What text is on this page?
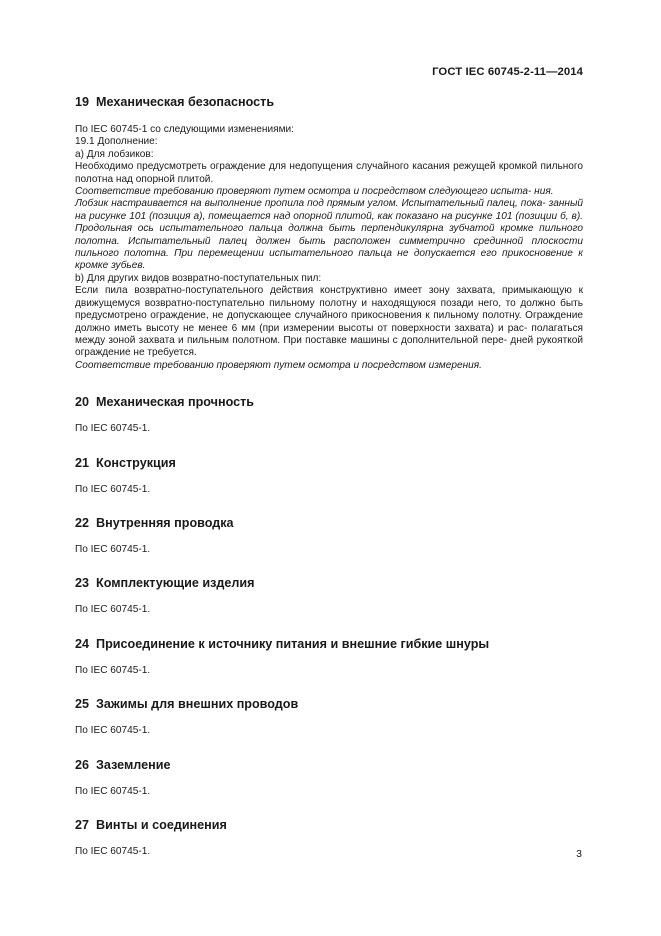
ГОСТ IEC 60745-2-11—2014
19 Механическая безопасность

По IEC 60745-1 со следующими изменениями:

19.1 Дополнение:

а) Для лобзиков:

Необходимо предусмотреть ограждение для недопущения случайного касания режущей кромкой пильного полотна над опорной плитой.

Соответствие требованию проверяют путем осмотра и посредством следующего испыта- ния.

Лобзик настраивается на выполнение пропила под прямым углом. Испытательный палец, пока- занный на рисунке 101 (позиция a), помещается над опорной плитой, как показано на рисунке 101 (позиции б, в). Продольная ось испытательного пальца должна быть перпендикулярна зубчатой кромке пильного полотна. Испытательный палец должен быть расположен симметрично срединной плоскости пильного полотна. При перемещении испытательного пальца не допускается его прикосновение к кромке зубьев.

b) Для других видов возвратно-поступательных пил:

Если пила возвратно-поступательного действия конструктивно имеет зону захвата, примыкающую к движущемуся возвратно-поступательно пильному полотну и находящуюся позади него, то должно быть предусмотрено ограждение, не допускающее случайного прикосновения к пильному полотну. Ограждение должно иметь высоту не менее 6 мм (при измерении высоты от поверхности захвата) и рас- полагаться между зоной захвата и пильным полотном. При поставке машины с дополнительной пере- дней рукояткой ограждение не требуется.

Соответствие требованию проверяют путем осмотра и посредством измерения.

20 Механическая прочность

По IEC 60745-1.

21 Конструкция

По IEC 60745-1.

22 Внутренняя проводка

По IEC 60745-1.

23 Комплектующие изделия

По IEC 60745-1.

24 Присоединение к источнику питания и внешние гибкие шнуры

По IEC 60745-1.

25 Зажимы для внешних проводов

По IEC 60745-1.

26 Заземление

По IEC 60745-1.

27 Винты и соединения

По IEC 60745-1.	3
